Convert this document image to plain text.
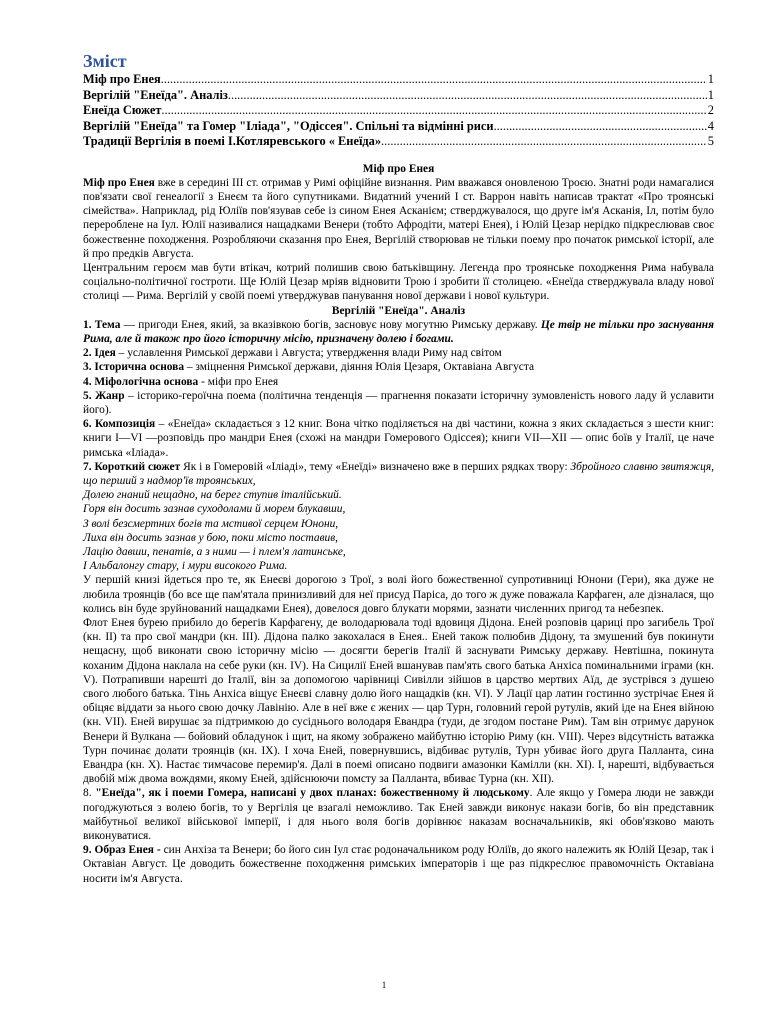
Зміст
Міф про Енея .....	1
Вергілій "Енеїда". Аналіз .....	1
Енеїда Сюжет .....	2
Вергілій "Енеїда" та Гомер "Іліада", "Одіссея". Спільні та відмінні риси .....	4
Традиції Вергілія в поемі І.Котляревського « Енеїда» .....	5
Міф про Енея

Міф про Енея вже в середині III ст. отримав у Римі офіційне визнання. Рим вважався оновленою Троєю. Знатні роди намагалися пов'язати свої генеалогії з Енеєм та його супутниками. Видатний учений І ст. Варрон навіть написав трактат «Про троянські сімейства». Наприклад, рід Юліїв пов'язував себе із сином Енея Асканієм; стверджувалося, що друге ім'я Асканія, Іл, потім було перероблене на Іул. Юлії називалися нащадками Венери (тобто Афродіти, матері Енея), і Юлій Цезар нерідко підкреслював своє божественне походження. Розробляючи сказання про Енея, Вергілій створював не тільки поему про початок римської історії, але й про предків Августа.

Центральним героєм мав бути втікач, котрий полишив свою батьківщину. Легенда про троянське походження Рима набувала соціально-політичної гостроти. Ще Юлій Цезар мріяв відновити Трою і зробити її столицею. «Енеїда стверджувала владу нової столиці — Рима. Вергілій у своїй поемі утверджував панування нової держави і нової культури.

Вергілій "Енеїда". Аналіз

1. Тема — пригоди Енея, який, за вказівкою богів, засновує нову могутню Римську державу. Це твір не тільки про заснування Рима, але й також про його історичну місію, призначену долею і богами.

2. Ідея – уславлення Римської держави і Августа; утвердження влади Риму над світом

3. Історична основа – зміцнення Римської держави, діяння Юлія Цезаря, Октавіана Августа

4. Міфологічна основа - міфи про Енея

5. Жанр – історико-героїчна поема (політична тенденція — прагнення показати історичну зумовленість нового ладу й уславити його).

6. Композиція – «Енеїда» складається з 12 книг. Вона чітко поділяється на дві частини, кожна з яких складається з шести книг: книги I—VI —розповідь про мандри Енея (схожі на мандри Гомерового Одіссея); книги VII—XII — опис боїв у Італії, це наче римська «Іліада».

7. Короткий сюжет Як і в Гомеровій «Іліаді», тему «Енеїді» визначено вже в перших рядках твору: Збройного славню звитяжця, що перший з надмор'їв троянських,

Долею гнаний нещадно, на берег ступив італійський.
Горя він досить зазнав суходолами й морем блукавши,
З волі безсмертних богів та мстивої серцем Юнони,
Лиха він досить зазнав у бою, поки місто поставив,
Лацію давши, пенатів, а з ними — і плем'я латинське,
І Альбалонгу стару, і мури високого Рима.

У першій книзі йдеться про те, як Енеєві дорогою з Трої, з волі його божественної супротивниці Юнони (Гери), яка дуже не любила троянців (бо все ще пам'ятала принизливий для неї присуд Паріса, до того ж дуже поважала Карфаген, але дізналася, що колись він буде зруйнований нащадками Енея), довелося довго блукати морями, зазнати численних пригод та небезпек.

Флот Енея бурею прибило до берегів Карфагену, де володарювала тоді вдовиця Дідона. Еней розповів цариці про загибель Трої (кн. II) та про свої мандри (кн. III). Дідона палко закохалася в Енея.. Еней також полюбив Дідону, та змушений був покинути нещасну, щоб виконати свою історичну місію — досягти берегів Італії й заснувати Римську державу. Невтішна, покинута коханим Дідона наклала на себе руки (кн. IV). На Сицилії Еней вшанував пам'ять свого батька Анхіса поминальними іграми (кн. V). Потрапивши нарешті до Італії, він за допомогою чарівниці Сивілли зійшов в царство мертвих Аїд, де зустрівся з душею свого любого батька. Тінь Анхіса віщує Енеєві славну долю його нащадків (кн. VI). У Лації цар латин гостинно зустрічає Енея й обіцяє віддати за нього свою дочку Лавінію. Але в неї вже є жених — цар Турн, головний герой рутулів, який іде на Енея війною (кн. VII). Еней вирушає за підтримкою до сусіднього володаря Евандра (туди, де згодом постане Рим). Там він отримує дарунок Венери й Вулкана — бойовий обладунок і щит, на якому зображено майбутню історію Риму (кн. VIII). Через відсутність ватажка Турн починає долати троянців (кн. IX). І хоча Еней, повернувшись, відбиває рутулів, Турн убиває його друга Палланта, сина Евандра (кн. X). Настає тимчасове перемир'я. Далі в поемі описано подвиги амазонки Камілли (кн. XI). І, нарешті, відбувається двобій між двома вождями, якому Еней, здійснюючи помсту за Палланта, вбиває Турна (кн. XII).

8. "Енеїда", як і поеми Гомера, написані у двох планах: божественному й людському. Але якщо у Гомера люди не завжди погоджуються з волею богів, то у Вергілія це взагалі неможливо. Так Еней завжди виконує накази богів, бо він представник майбутньої великої військової імперії, і для нього воля богів дорівнює наказам восначальників, які обов'язково мають виконуватися.

9. Образ Енея - син Анхіза та Венери; бо його син Іул стає родоначальником роду Юліїв, до якого належить як Юлій Цезар, так і Октавіан Август. Це доводить божественне походження римських імператорів і ще раз підкреслює правомочність Октавіана носити ім'я Августа.

1
